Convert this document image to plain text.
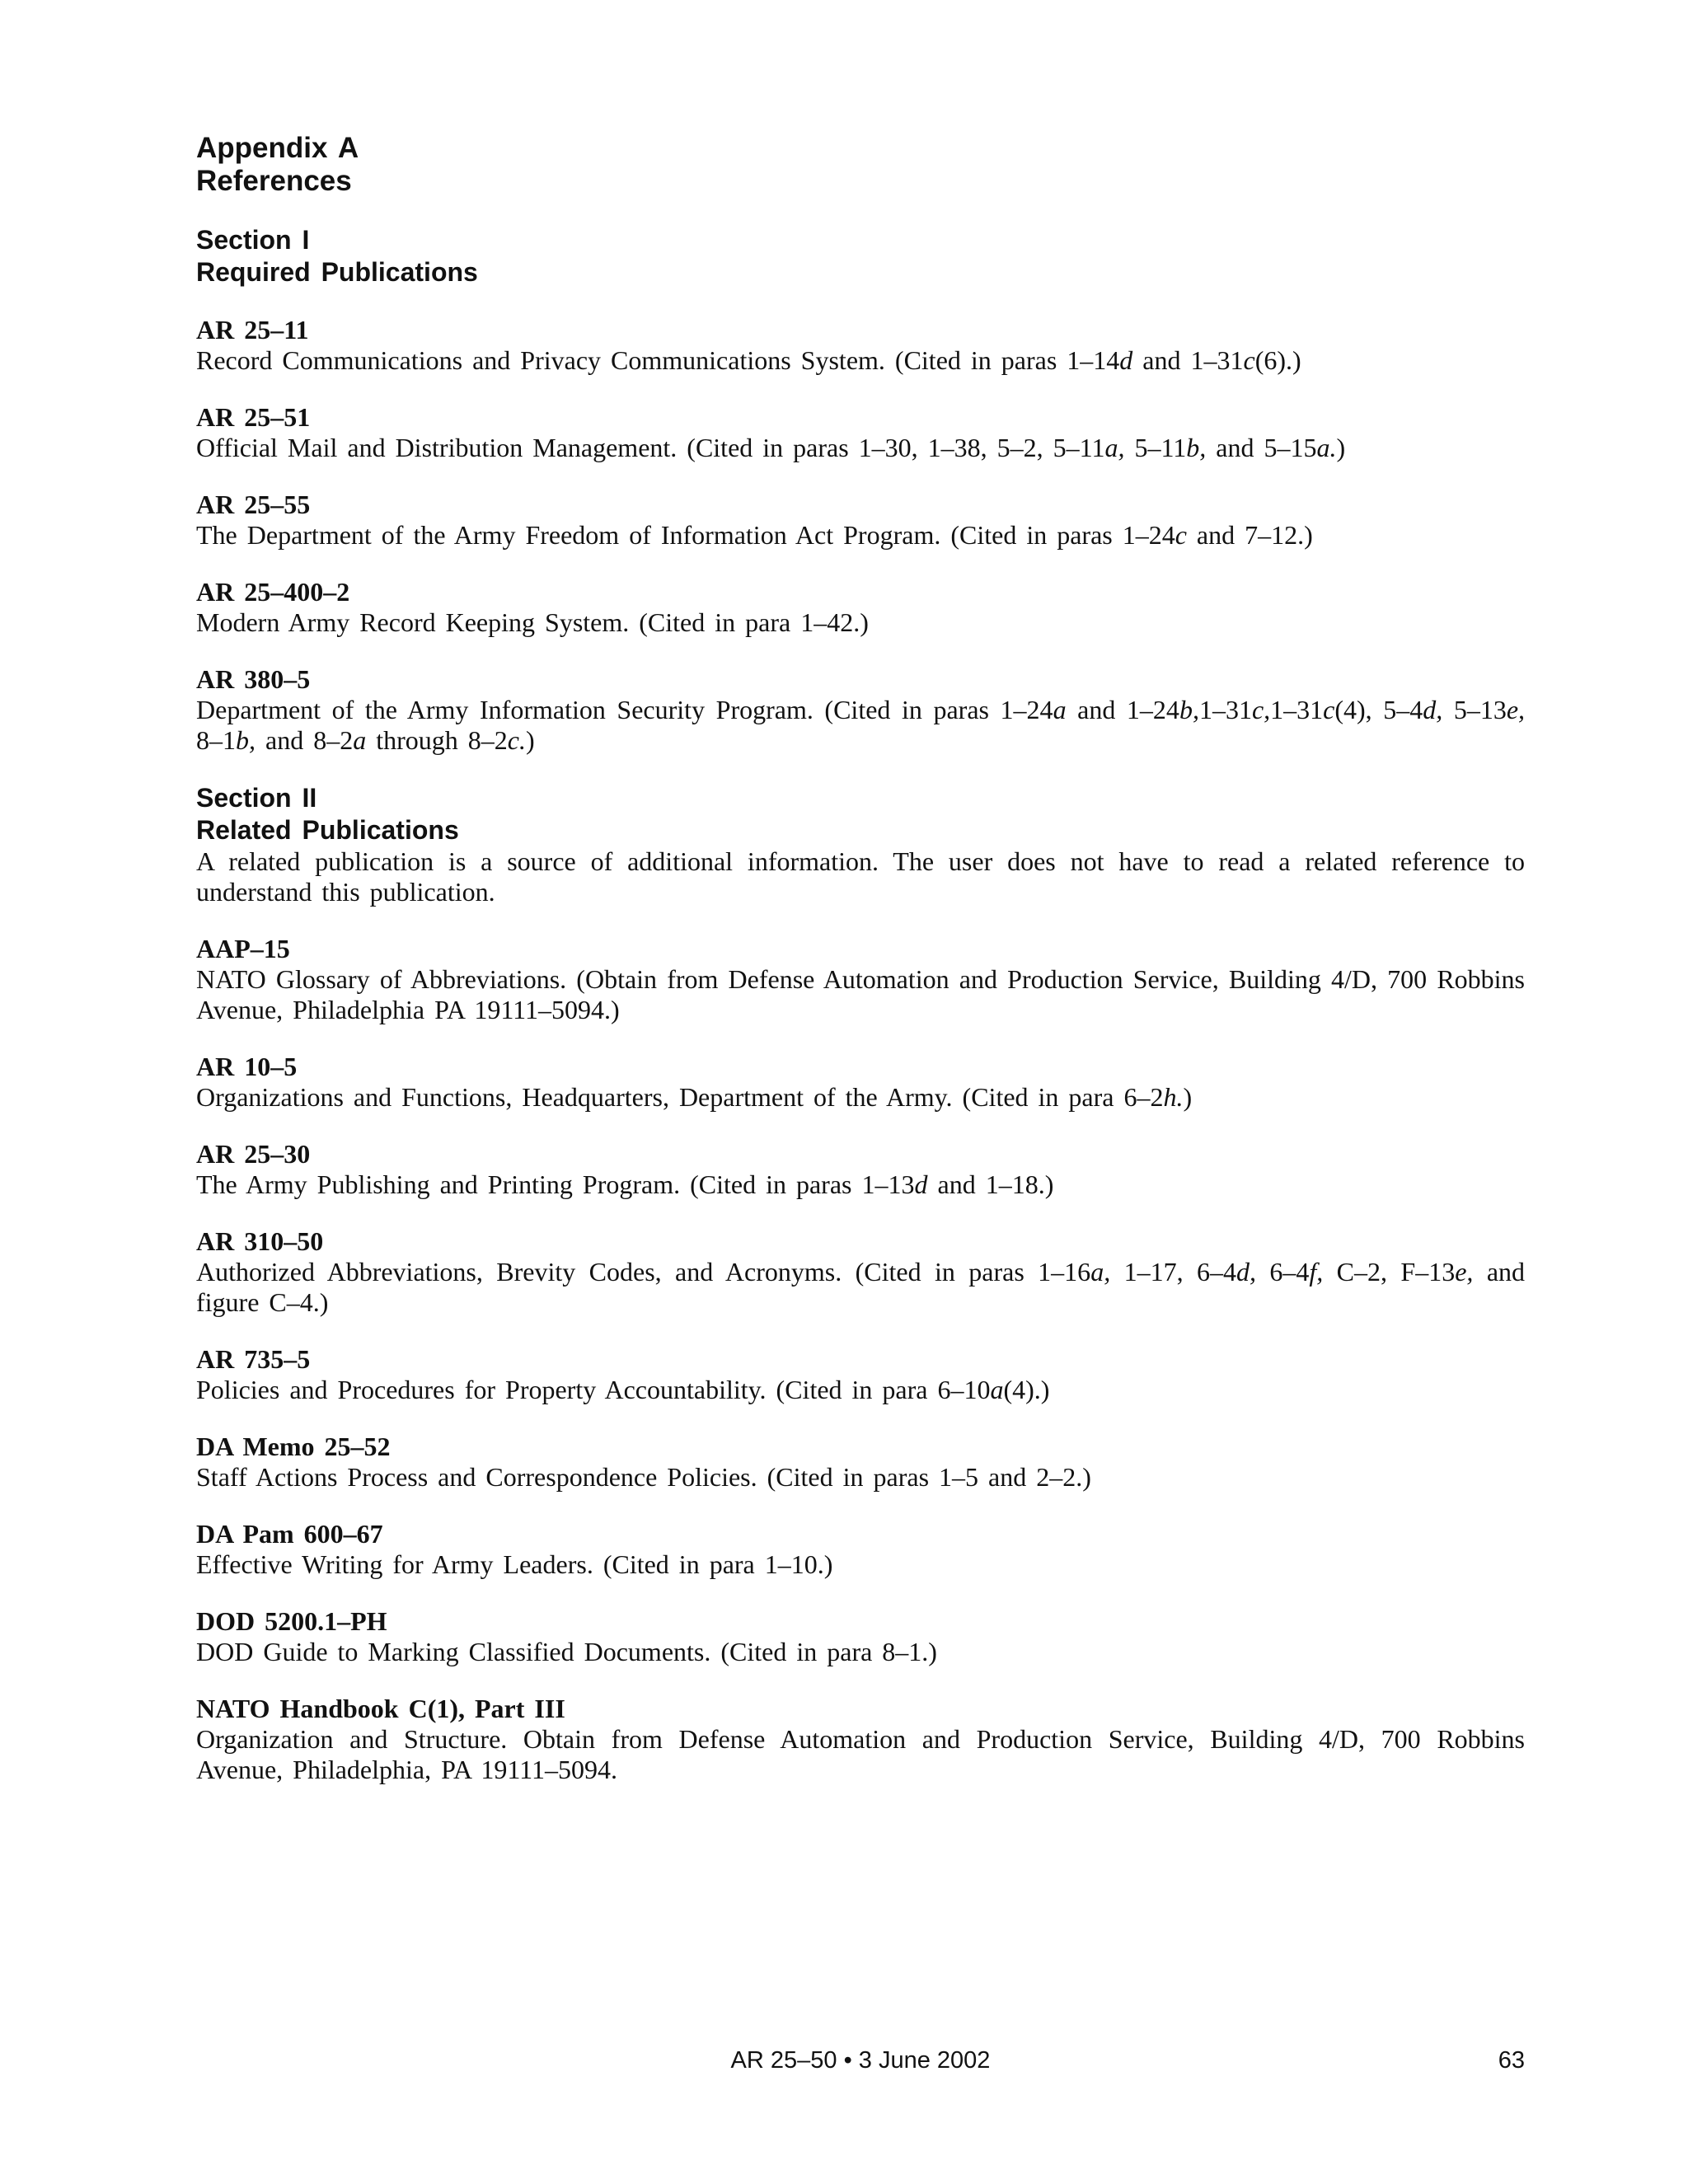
Appendix A
References
Section I
Required Publications
AR 25–11
Record Communications and Privacy Communications System. (Cited in paras 1–14d and 1–31c(6).)
AR 25–51
Official Mail and Distribution Management. (Cited in paras 1–30, 1–38, 5–2, 5–11a, 5–11b, and 5–15a.)
AR 25–55
The Department of the Army Freedom of Information Act Program. (Cited in paras 1–24c and 7–12.)
AR 25–400–2
Modern Army Record Keeping System. (Cited in para 1–42.)
AR 380–5
Department of the Army Information Security Program. (Cited in paras 1–24a and 1–24b,1–31c,1–31c(4), 5–4d, 5–13e, 8–1b, and 8–2a through 8–2c.)
Section II
Related Publications
A related publication is a source of additional information. The user does not have to read a related reference to understand this publication.
AAP–15
NATO Glossary of Abbreviations. (Obtain from Defense Automation and Production Service, Building 4/D, 700 Robbins Avenue, Philadelphia PA 19111–5094.)
AR 10–5
Organizations and Functions, Headquarters, Department of the Army. (Cited in para 6–2h.)
AR 25–30
The Army Publishing and Printing Program. (Cited in paras 1–13d and 1–18.)
AR 310–50
Authorized Abbreviations, Brevity Codes, and Acronyms. (Cited in paras 1–16a, 1–17, 6–4d, 6–4f, C–2, F–13e, and figure C–4.)
AR 735–5
Policies and Procedures for Property Accountability. (Cited in para 6–10a(4).)
DA Memo 25–52
Staff Actions Process and Correspondence Policies. (Cited in paras 1–5 and 2–2.)
DA Pam 600–67
Effective Writing for Army Leaders. (Cited in para 1–10.)
DOD 5200.1–PH
DOD Guide to Marking Classified Documents. (Cited in para 8–1.)
NATO Handbook C(1), Part III
Organization and Structure. Obtain from Defense Automation and Production Service, Building 4/D, 700 Robbins Avenue, Philadelphia, PA 19111–5094.
AR 25–50 • 3 June 2002	63
